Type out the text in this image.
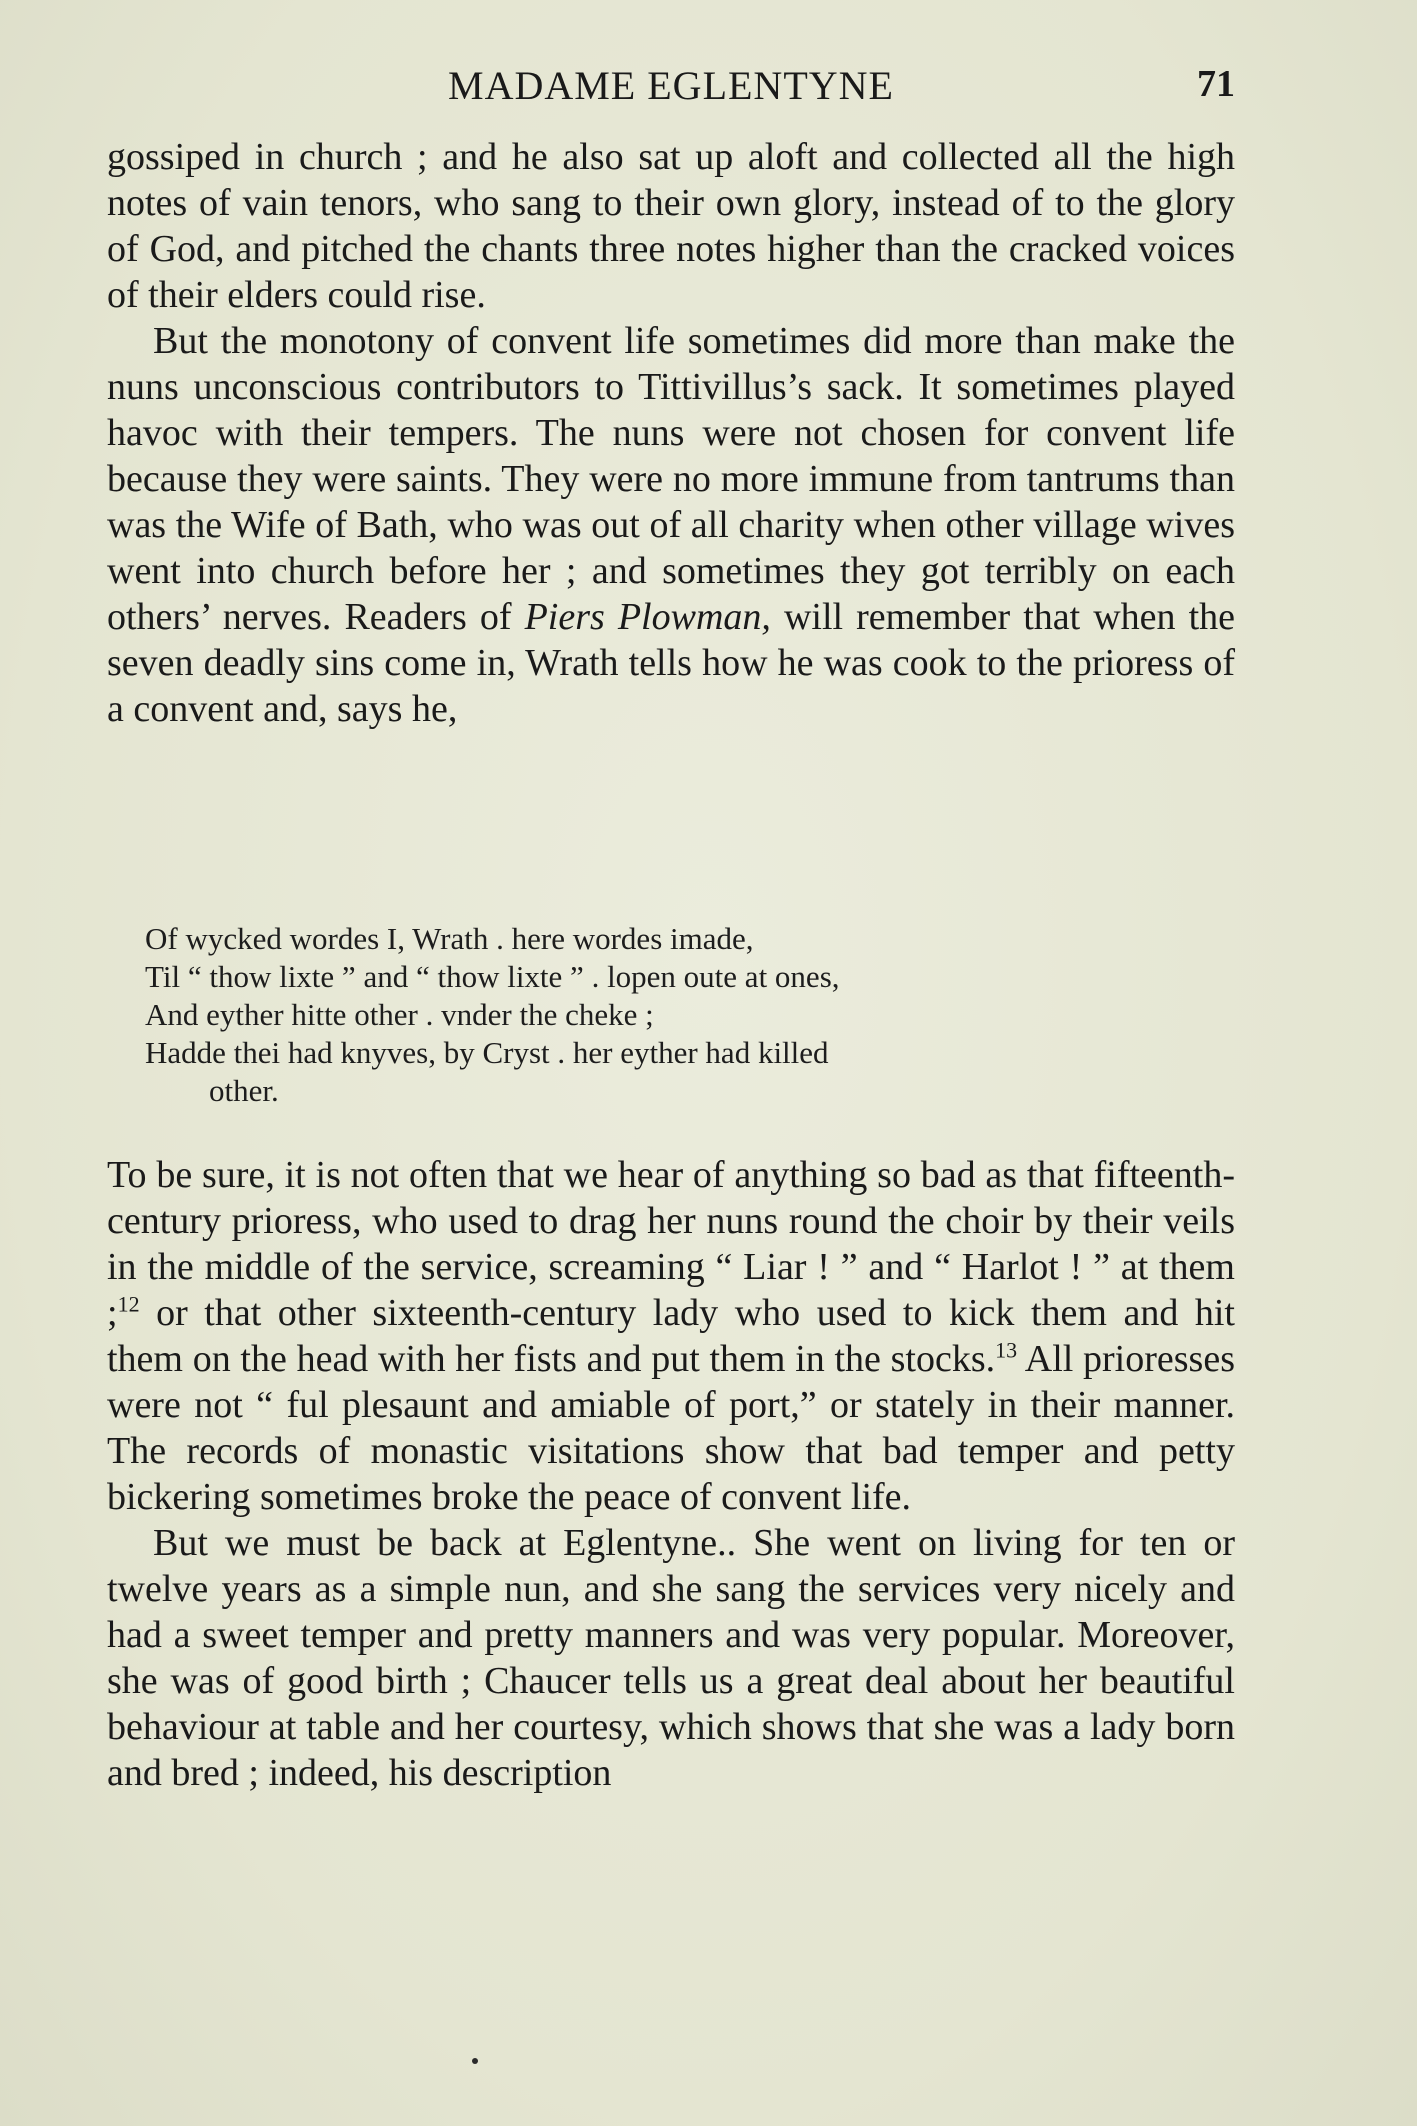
MADAME EGLENTYNE	71

gossiped in church ; and he also sat up aloft and collected all the high notes of vain tenors, who sang to their own glory, instead of to the glory of God, and pitched the chants three notes higher than the cracked voices of their elders could rise.

But the monotony of convent life sometimes did more than make the nuns unconscious contributors to Tittivillus’s sack. It sometimes played havoc with their tempers. The nuns were not chosen for convent life because they were saints. They were no more immune from tantrums than was the Wife of Bath, who was out of all charity when other village wives went into church before her ; and sometimes they got terribly on each others’ nerves. Readers of Piers Plowman, will remember that when the seven deadly sins come in, Wrath tells how he was cook to the prioress of a convent and, says he,

Of wycked wordes I, Wrath . here wordes imade,
Til “ thow lixte ” and “ thow lixte ” . lopen oute at ones,
And eyther hitte other . vnder the cheke ;
Hadde thei had knyves, by Cryst . her eyther had killed
other.

To be sure, it is not often that we hear of anything so bad as that fifteenth-century prioress, who used to drag her nuns round the choir by their veils in the middle of the service, screaming “ Liar ! ” and “ Harlot ! ” at them ;$^{12}$ or that other sixteenth-century lady who used to kick them and hit them on the head with her fists and put them in the stocks.$^{13}$ All prioresses were not “ ful plesaunt and amiable of port,” or stately in their manner. The records of monastic visitations show that bad temper and petty bickering sometimes broke the peace of convent life.

But we must be back at Eglentyne.. She went on living for ten or twelve years as a simple nun, and she sang the services very nicely and had a sweet temper and pretty manners and was very popular. Moreover, she was of good birth ; Chaucer tells us a great deal about her beautiful behaviour at table and her courtesy, which shows that she was a lady born and bred ; indeed, his description
